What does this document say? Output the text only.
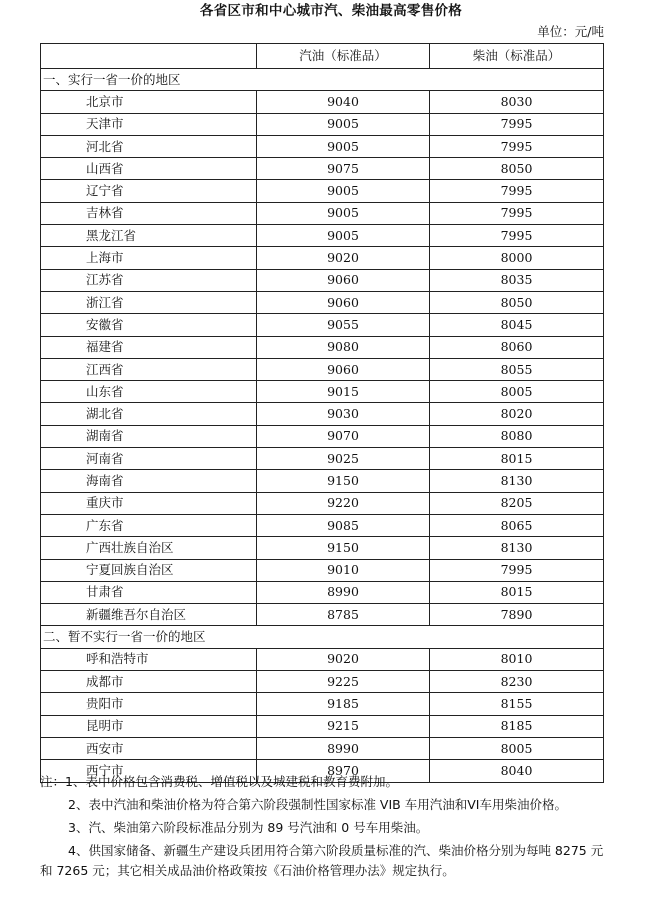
各省区市和中心城市汽、柴油最高零售价格
单位：元/吨
	汽油（标准品）	柴油（标准品）
一、实行一省一价的地区		
北京市	9040	8030
天津市	9005	7995
河北省	9005	7995
山西省	9075	8050
辽宁省	9005	7995
吉林省	9005	7995
黑龙江省	9005	7995
上海市	9020	8000
江苏省	9060	8035
浙江省	9060	8050
安徽省	9055	8045
福建省	9080	8060
江西省	9060	8055
山东省	9015	8005
湖北省	9030	8020
湖南省	9070	8080
河南省	9025	8015
海南省	9150	8130
重庆市	9220	8205
广东省	9085	8065
广西壮族自治区	9150	8130
宁夏回族自治区	9010	7995
甘肃省	8990	8015
新疆维吾尔自治区	8785	7890
二、暂不实行一省一价的地区		
呼和浩特市	9020	8010
成都市	9225	8230
贵阳市	9185	8155
昆明市	9215	8185
西安市	8990	8005
西宁市	8970	8040

注：1、表中价格包含消费税、增值税以及城建税和教育费附加。

2、表中汽油和柴油价格为符合第六阶段强制性国家标准 VIB 车用汽油和VI车用柴油价格。

3、汽、柴油第六阶段标准品分别为 89 号汽油和 0 号车用柴油。

4、供国家储备、新疆生产建设兵团用符合第六阶段质量标准的汽、柴油价格分别为每吨 8275 元和 7265 元；其它相关成品油价格政策按《石油价格管理办法》规定执行。
